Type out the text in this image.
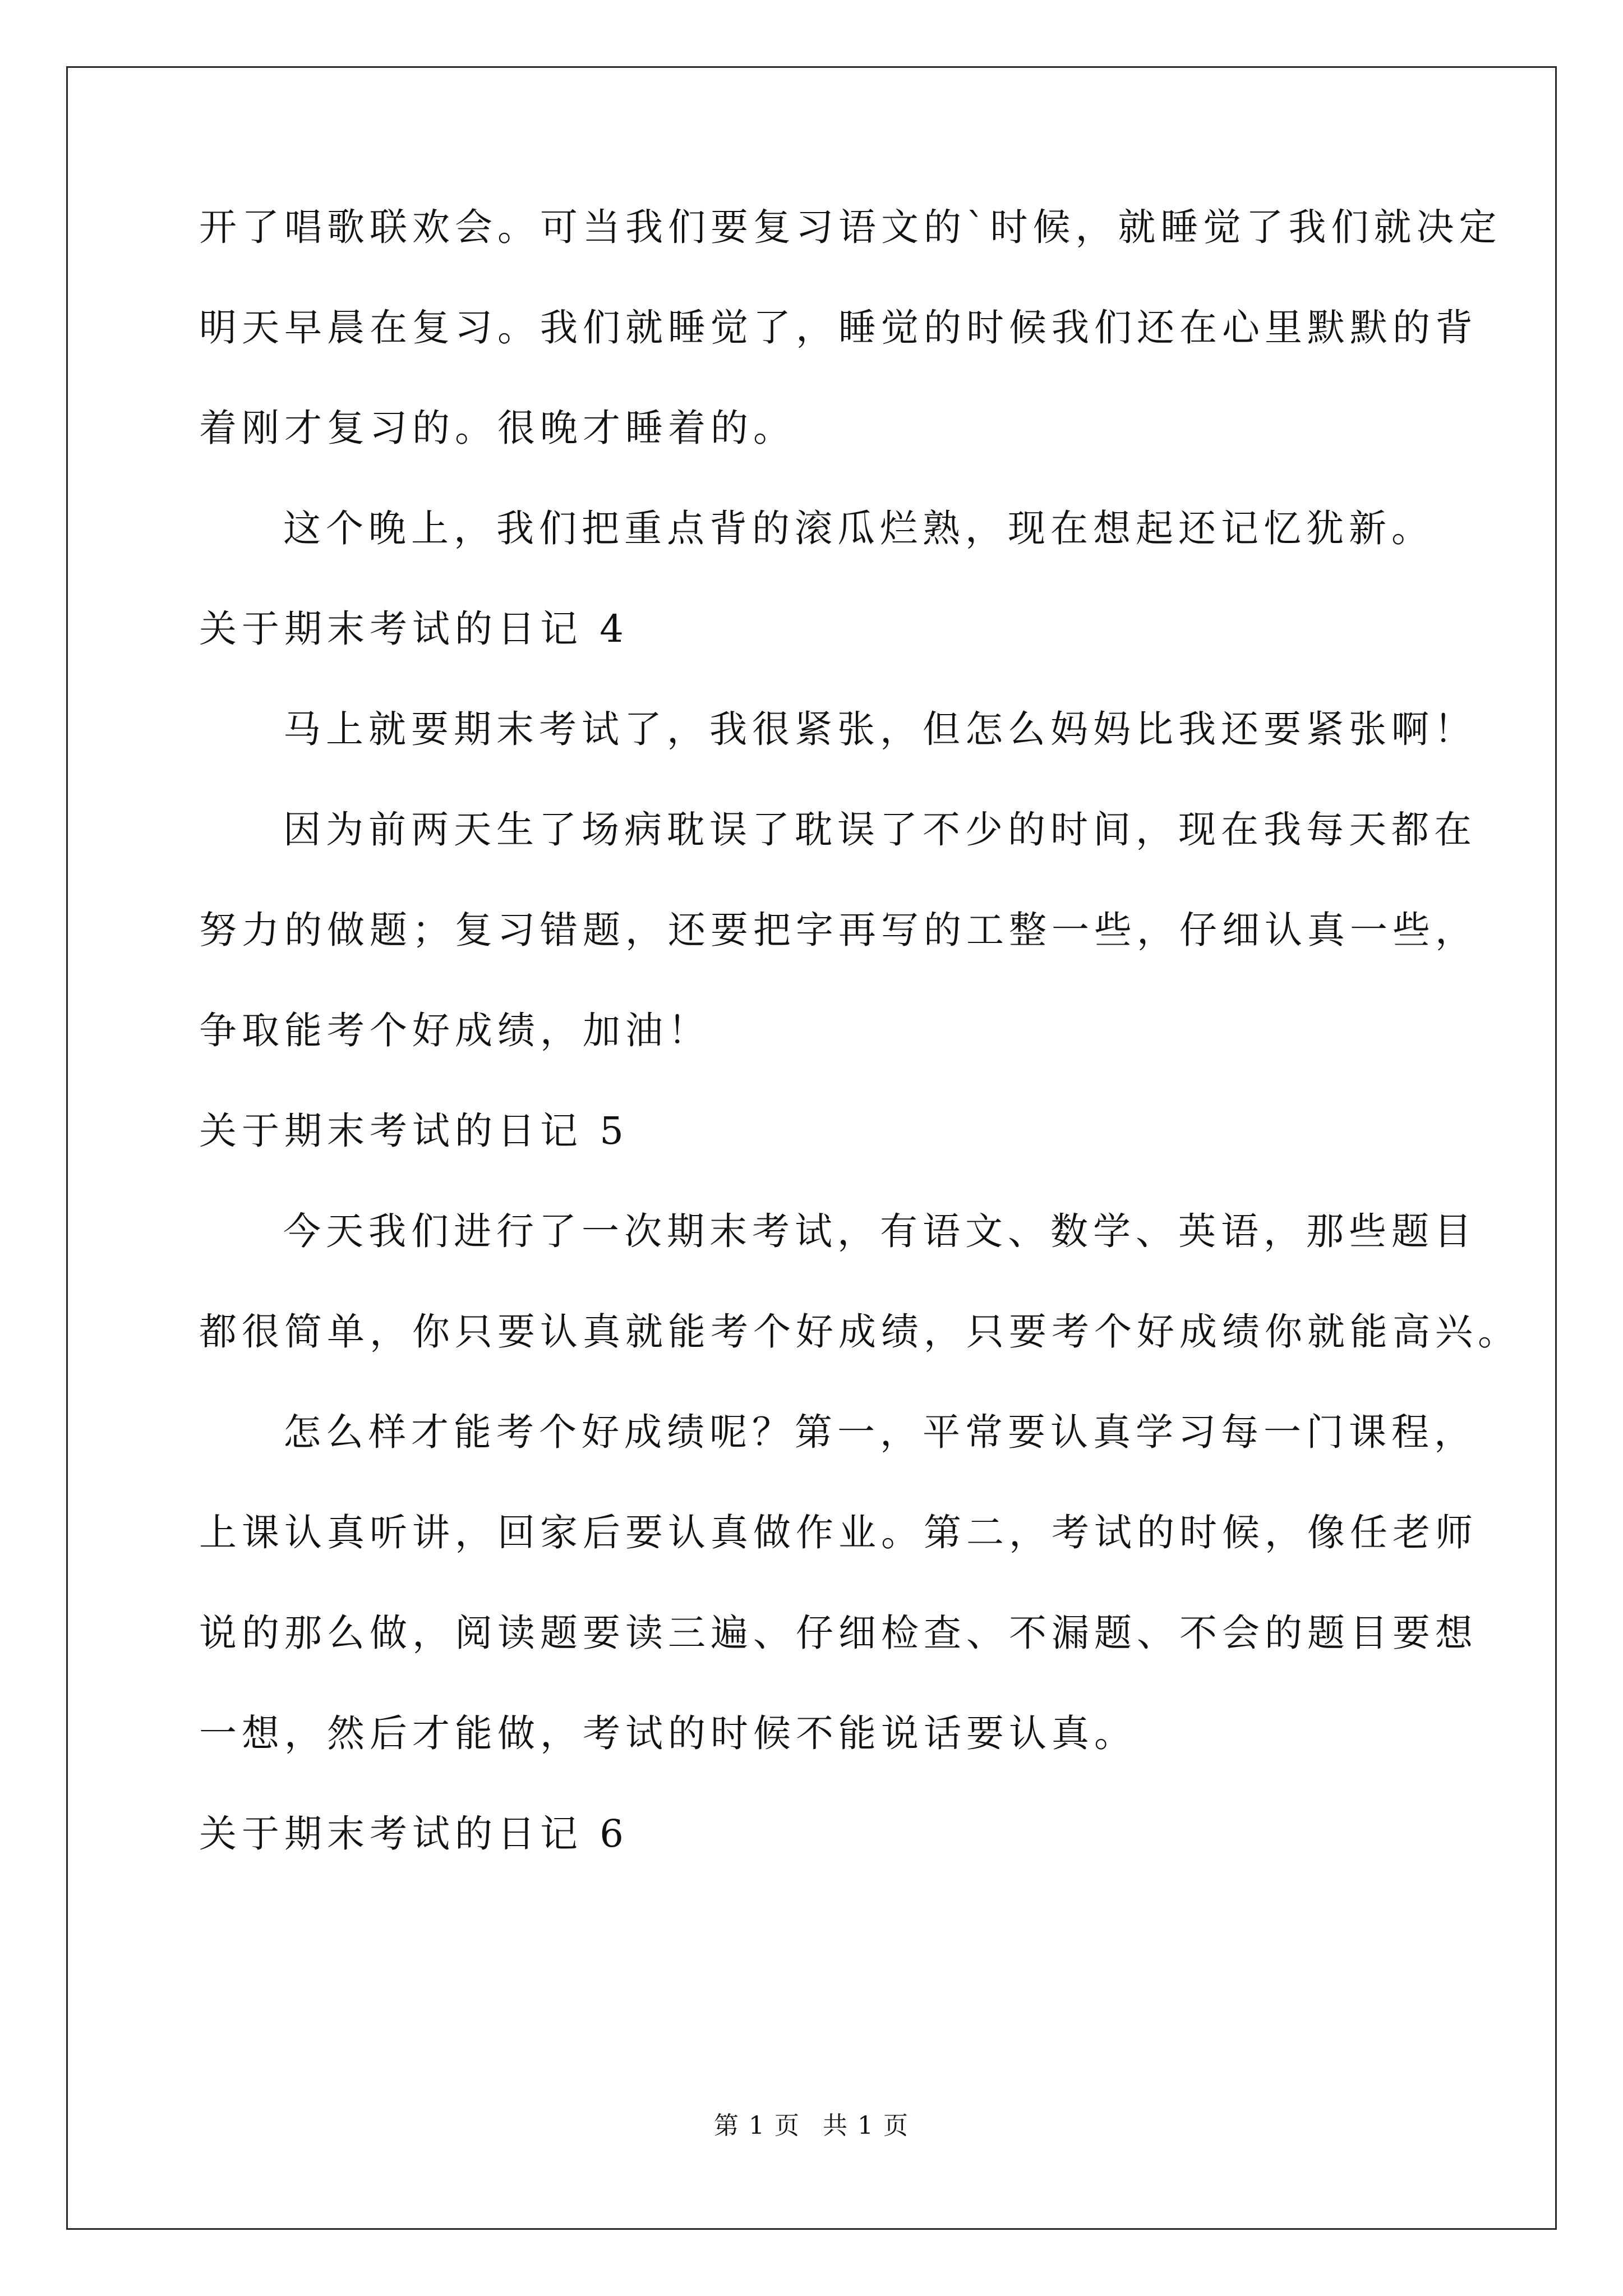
开了唱歌联欢会。可当我们要复习语文的`时候，就睡觉了我们就决定
明天早晨在复习。我们就睡觉了，睡觉的时候我们还在心里默默的背
着刚才复习的。很晚才睡着的。
这个晚上，我们把重点背的滚瓜烂熟，现在想起还记忆犹新。
关于期末考试的日记 4
马上就要期末考试了，我很紧张，但怎么妈妈比我还要紧张啊！
因为前两天生了场病耽误了耽误了不少的时间，现在我每天都在
努力的做题；复习错题，还要把字再写的工整一些，仔细认真一些，
争取能考个好成绩，加油！
关于期末考试的日记 5
今天我们进行了一次期末考试，有语文、数学、英语，那些题目
都很简单，你只要认真就能考个好成绩，只要考个好成绩你就能高兴。
怎么样才能考个好成绩呢？第一，平常要认真学习每一门课程，
上课认真听讲，回家后要认真做作业。第二，考试的时候，像任老师
说的那么做，阅读题要读三遍、仔细检查、不漏题、不会的题目要想
一想，然后才能做，考试的时候不能说话要认真。
关于期末考试的日记 6
第 1 页 共 1 页
